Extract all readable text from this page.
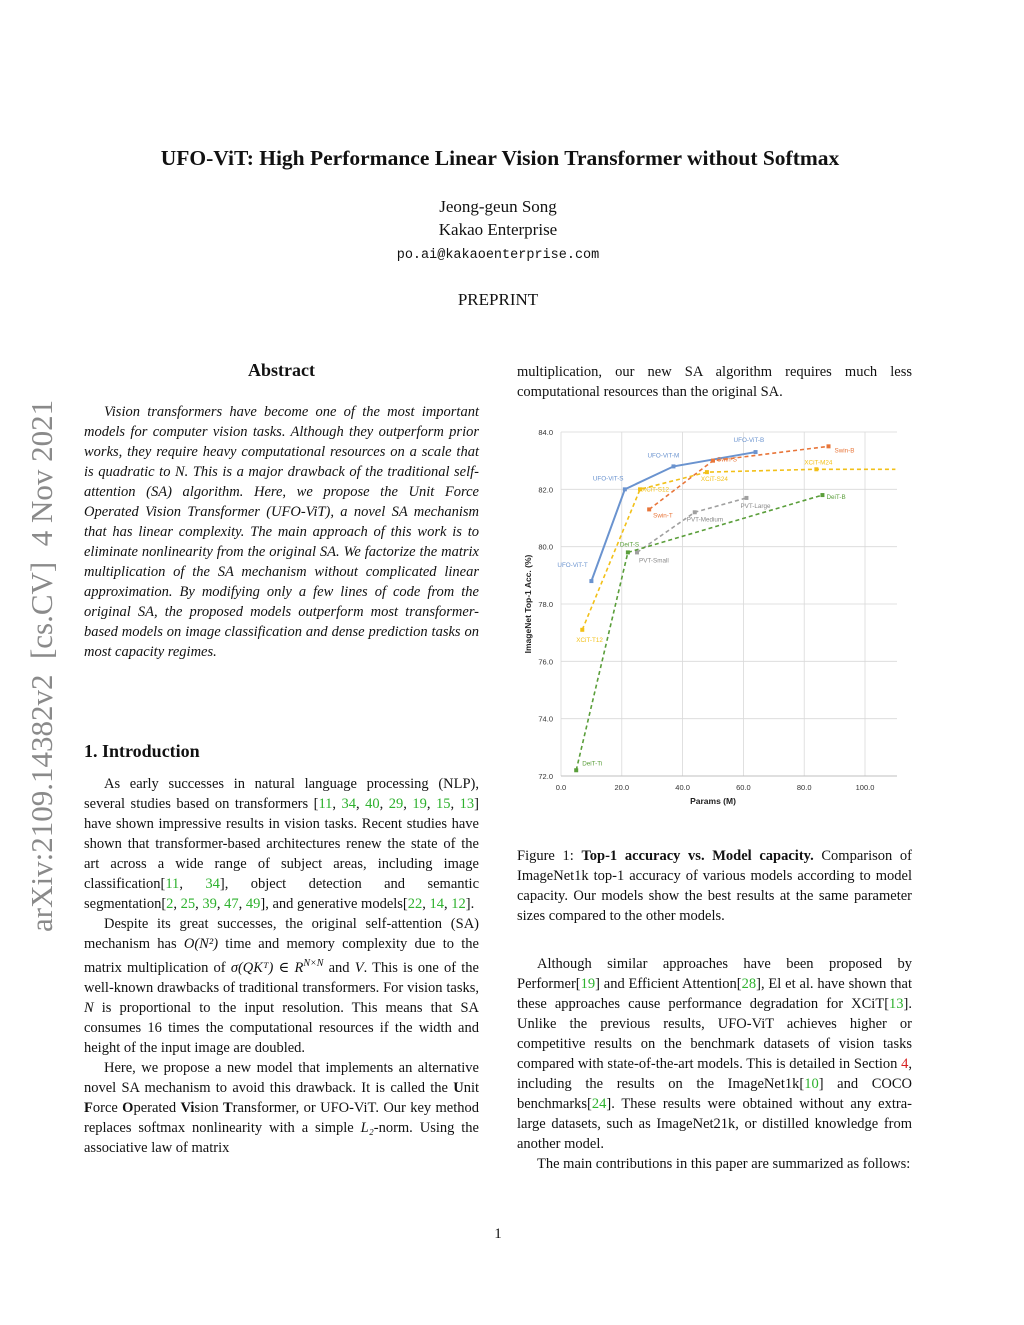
UFO-ViT: High Performance Linear Vision Transformer without Softmax
Jeong-geun Song
Kakao Enterprise
po.ai@kakaoenterprise.com
PREPRINT
arXiv:2109.14382v2  [cs.CV]  4 Nov 2021
Abstract

Vision transformers have become one of the most important models for computer vision tasks. Although they outperform prior works, they require heavy computational resources on a scale that is quadratic to N. This is a major drawback of the traditional self- attention (SA) algorithm. Here, we propose the Unit Force Operated Vision Transformer (UFO-ViT), a novel SA mechanism that has linear complexity. The main approach of this work is to eliminate nonlinearity from the original SA. We factorize the matrix multiplication of the SA mechanism without complicated linear approximation. By modifying only a few lines of code from the original SA, the proposed models outperform most transformer-based models on image classification and dense prediction tasks on most capacity regimes.

1. Introduction

As early successes in natural language processing (NLP), several studies based on transformers [11, 34, 40, 29, 19, 15, 13] have shown impressive results in vision tasks. Recent studies have shown that transformer-based architectures renew the state of the art across a wide range of subject areas, including image classification[11, 34], object detection and semantic segmentation[2, 25, 39, 47, 49], and generative models[22, 14, 12].

Despite its great successes, the original self-attention (SA) mechanism has O(N²) time and memory complexity due to the matrix multiplication of σ(QKᵀ) ∈ $R^{N\times N}$ and V. This is one of the well-known drawbacks of traditional transformers. For vision tasks, N is proportional to the input resolution. This means that SA consumes 16 times the computational resources if the width and height of the input image are doubled.

Here, we propose a new model that implements an alternative novel SA mechanism to avoid this drawback. It is called the Unit Force Operated Vision Transformer, or UFO-ViT. Our key method replaces softmax nonlinearity with a simple L₂-norm. Using the associative law of matrix

multiplication, our new SA algorithm requires much less computational resources than the original SA.

72.0
74.0
76.0
78.0
80.0
82.0
84.0
0.0	20.0	40.0	60.0	80.0	100.0
Params (M)
ImageNet Top-1 Acc. (%)	UFO-ViT-T
UFO-ViT-S
UFO-ViT-M
UFO-ViT-B
XCiT-T12
XCiT-S12
XCiT-S24
XCiT-M24
Swin-T
Swin-S
Swin-B
PVT-Small
PVT-Medium
PVT-Large
DeiT-Ti
DeiT-S
DeiT-B
Figure 1: Top-1 accuracy vs. Model capacity. Comparison of ImageNet1k top-1 accuracy of various models according to model capacity. Our models show the best results at the same parameter sizes compared to the other models.

Although similar approaches have been proposed by Performer[19] and Efficient Attention[28], El et al. have shown that these approaches cause performance degradation for XCiT[13]. Unlike the previous results, UFO-ViT achieves higher or competitive results on the benchmark datasets of vision tasks compared with state-of-the-art models. This is detailed in Section 4, including the results on the ImageNet1k[10] and COCO benchmarks[24]. These results were obtained without any extra-large datasets, such as ImageNet21k, or distilled knowledge from another model.

The main contributions in this paper are summarized as follows:

1
